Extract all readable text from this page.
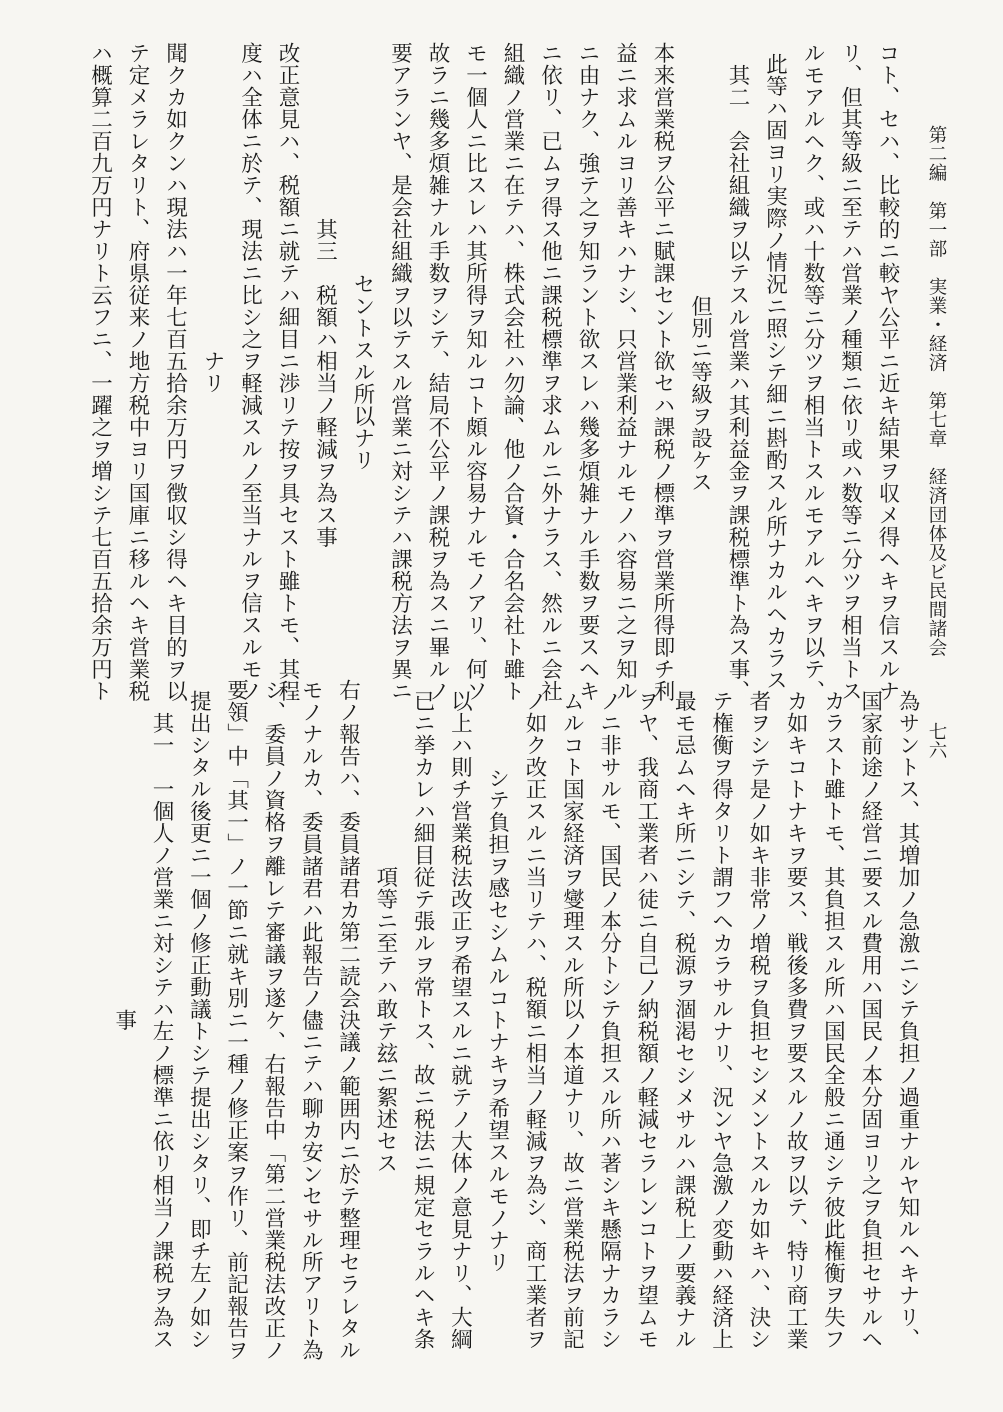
第二編　第一部　実業・経済　第七章　経済団体及ビ民間諸会
七六
コト、セハ、比較的ニ較ヤ公平ニ近キ結果ヲ収メ得ヘキヲ信スルナ
リ、但其等級ニ至テハ営業ノ種類ニ依リ或ハ数等ニ分ツヲ相当トス
ルモアルヘク、或ハ十数等ニ分ツヲ相当トスルモアルヘキヲ以テ、
此等ハ固ヨリ実際ノ情況ニ照シテ細ニ斟酌スル所ナカルヘカラス
　其二　会社組織ヲ以テスル営業ハ其利益金ヲ課税標準ト為ス事、
　　但別ニ等級ヲ設ケス
本来営業税ヲ公平ニ賦課セント欲セハ課税ノ標準ヲ営業所得即チ利
益ニ求ムルヨリ善キハナシ、只営業利益ナルモノハ容易ニ之ヲ知ル
ニ由ナク、強テ之ヲ知ラント欲スレハ幾多煩雑ナル手数ヲ要スヘキ
ニ依リ、已ムヲ得ス他ニ課税標準ヲ求ムルニ外ナラス、然ルニ会社
組織ノ営業ニ在テハ、株式会社ハ勿論、他ノ合資・合名会社ト雖ト
モ一個人ニ比スレハ其所得ヲ知ルコト頗ル容易ナルモノアリ、何ソ
故ラニ幾多煩雑ナル手数ヲシテ、結局不公平ノ課税ヲ為スニ畢ルノ
要アランヤ、是会社組織ヲ以テスル営業ニ対シテハ課税方法ヲ異ニ
セントスル所以ナリ
　其三　税額ハ相当ノ軽減ヲ為ス事
改正意見ハ、税額ニ就テハ細目ニ渉リテ按ヲ具セスト雖トモ、其程
度ハ全体ニ於テ、現法ニ比シ之ヲ軽減スルノ至当ナルヲ信スルモノ
ナリ
聞クカ如クンハ現法ハ一年七百五拾余万円ヲ徴収シ得ヘキ目的ヲ以
テ定メラレタリト、府県従来ノ地方税中ヨリ国庫ニ移ルヘキ営業税
ハ概算二百九万円ナリト云フニ、一躍之ヲ増シテ七百五拾余万円ト
為サントス、其増加ノ急激ニシテ負担ノ過重ナルヤ知ルヘキナリ、
国家前途ノ経営ニ要スル費用ハ国民ノ本分固ヨリ之ヲ負担セサルヘ
カラスト雖トモ、其負担スル所ハ国民全般ニ通シテ彼此権衡ヲ失フ
カ如キコトナキヲ要ス、戦後多費ヲ要スルノ故ヲ以テ、特リ商工業
者ヲシテ是ノ如キ非常ノ増税ヲ負担セシメントスルカ如キハ、決シ
テ権衡ヲ得タリト謂フヘカラサルナリ、況ンヤ急激ノ変動ハ経済上
最モ忌ムヘキ所ニシテ、税源ヲ涸渇セシメサルハ課税上ノ要義ナル
ヲヤ、我商工業者ハ徒ニ自己ノ納税額ノ軽減セラレンコトヲ望ムモ
ノニ非サルモ、国民ノ本分トシテ負担スル所ハ著シキ懸隔ナカラシ
ムルコト国家経済ヲ燮理スル所以ノ本道ナリ、故ニ営業税法ヲ前記
ノ如ク改正スルニ当リテハ、税額ニ相当ノ軽減ヲ為シ、商工業者ヲ
シテ負担ヲ感セシムルコトナキヲ希望スルモノナリ
以上ハ則チ営業税法改正ヲ希望スルニ就テノ大体ノ意見ナリ、大綱
已ニ挙カレハ細目従テ張ルヲ常トス、故ニ税法ニ規定セラルヘキ条
項等ニ至テハ敢テ玆ニ絮述セス
右ノ報告ハ、委員諸君カ第二読会決議ノ範囲内ニ於テ整理セラレタル
モノナルカ、委員諸君ハ此報告ノ儘ニテハ聊カ安ンセサル所アリト為
シ、委員ノ資格ヲ離レテ審議ヲ遂ケ、右報告中「第二営業税法改正ノ
要領」中「其一」ノ一節ニ就キ別ニ一種ノ修正案ヲ作リ、前記報告ヲ
提出シタル後更ニ一個ノ修正動議トシテ提出シタリ、即チ左ノ如シ
　其一　一個人ノ営業ニ対シテハ左ノ標準ニ依リ相当ノ課税ヲ為ス
事
